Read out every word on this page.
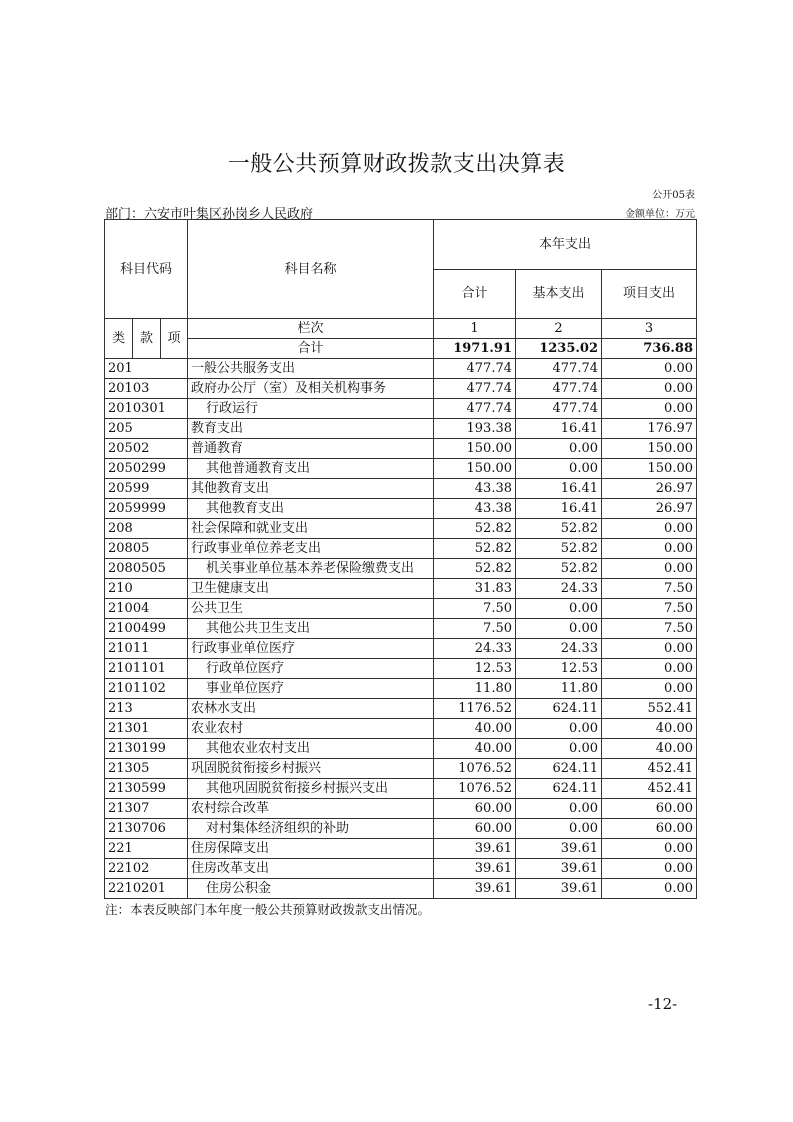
一般公共预算财政拨款支出决算表
公开05表
部门：六安市叶集区孙岗乡人民政府	金额单位：万元
科目代码			科目名称	本年支出		
				合计	基本支出	项目支出
类	款	项	栏次	1	2	3
			合计	1971.91	1235.02	736.88
201			一般公共服务支出	477.74	477.74	0.00
20103			政府办公厅（室）及相关机构事务	477.74	477.74	0.00
2010301			行政运行	477.74	477.74	0.00
205			教育支出	193.38	16.41	176.97
20502			普通教育	150.00	0.00	150.00
2050299			其他普通教育支出	150.00	0.00	150.00
20599			其他教育支出	43.38	16.41	26.97
2059999			其他教育支出	43.38	16.41	26.97
208			社会保障和就业支出	52.82	52.82	0.00
20805			行政事业单位养老支出	52.82	52.82	0.00
2080505			机关事业单位基本养老保险缴费支出	52.82	52.82	0.00
210			卫生健康支出	31.83	24.33	7.50
21004			公共卫生	7.50	0.00	7.50
2100499			其他公共卫生支出	7.50	0.00	7.50
21011			行政事业单位医疗	24.33	24.33	0.00
2101101			行政单位医疗	12.53	12.53	0.00
2101102			事业单位医疗	11.80	11.80	0.00
213			农林水支出	1176.52	624.11	552.41
21301			农业农村	40.00	0.00	40.00
2130199			其他农业农村支出	40.00	0.00	40.00
21305			巩固脱贫衔接乡村振兴	1076.52	624.11	452.41
2130599			其他巩固脱贫衔接乡村振兴支出	1076.52	624.11	452.41
21307			农村综合改革	60.00	0.00	60.00
2130706			对村集体经济组织的补助	60.00	0.00	60.00
221			住房保障支出	39.61	39.61	0.00
22102			住房改革支出	39.61	39.61	0.00
2210201			住房公积金	39.61	39.61	0.00
注：本表反映部门本年度一般公共预算财政拨款支出情况。
-12-
